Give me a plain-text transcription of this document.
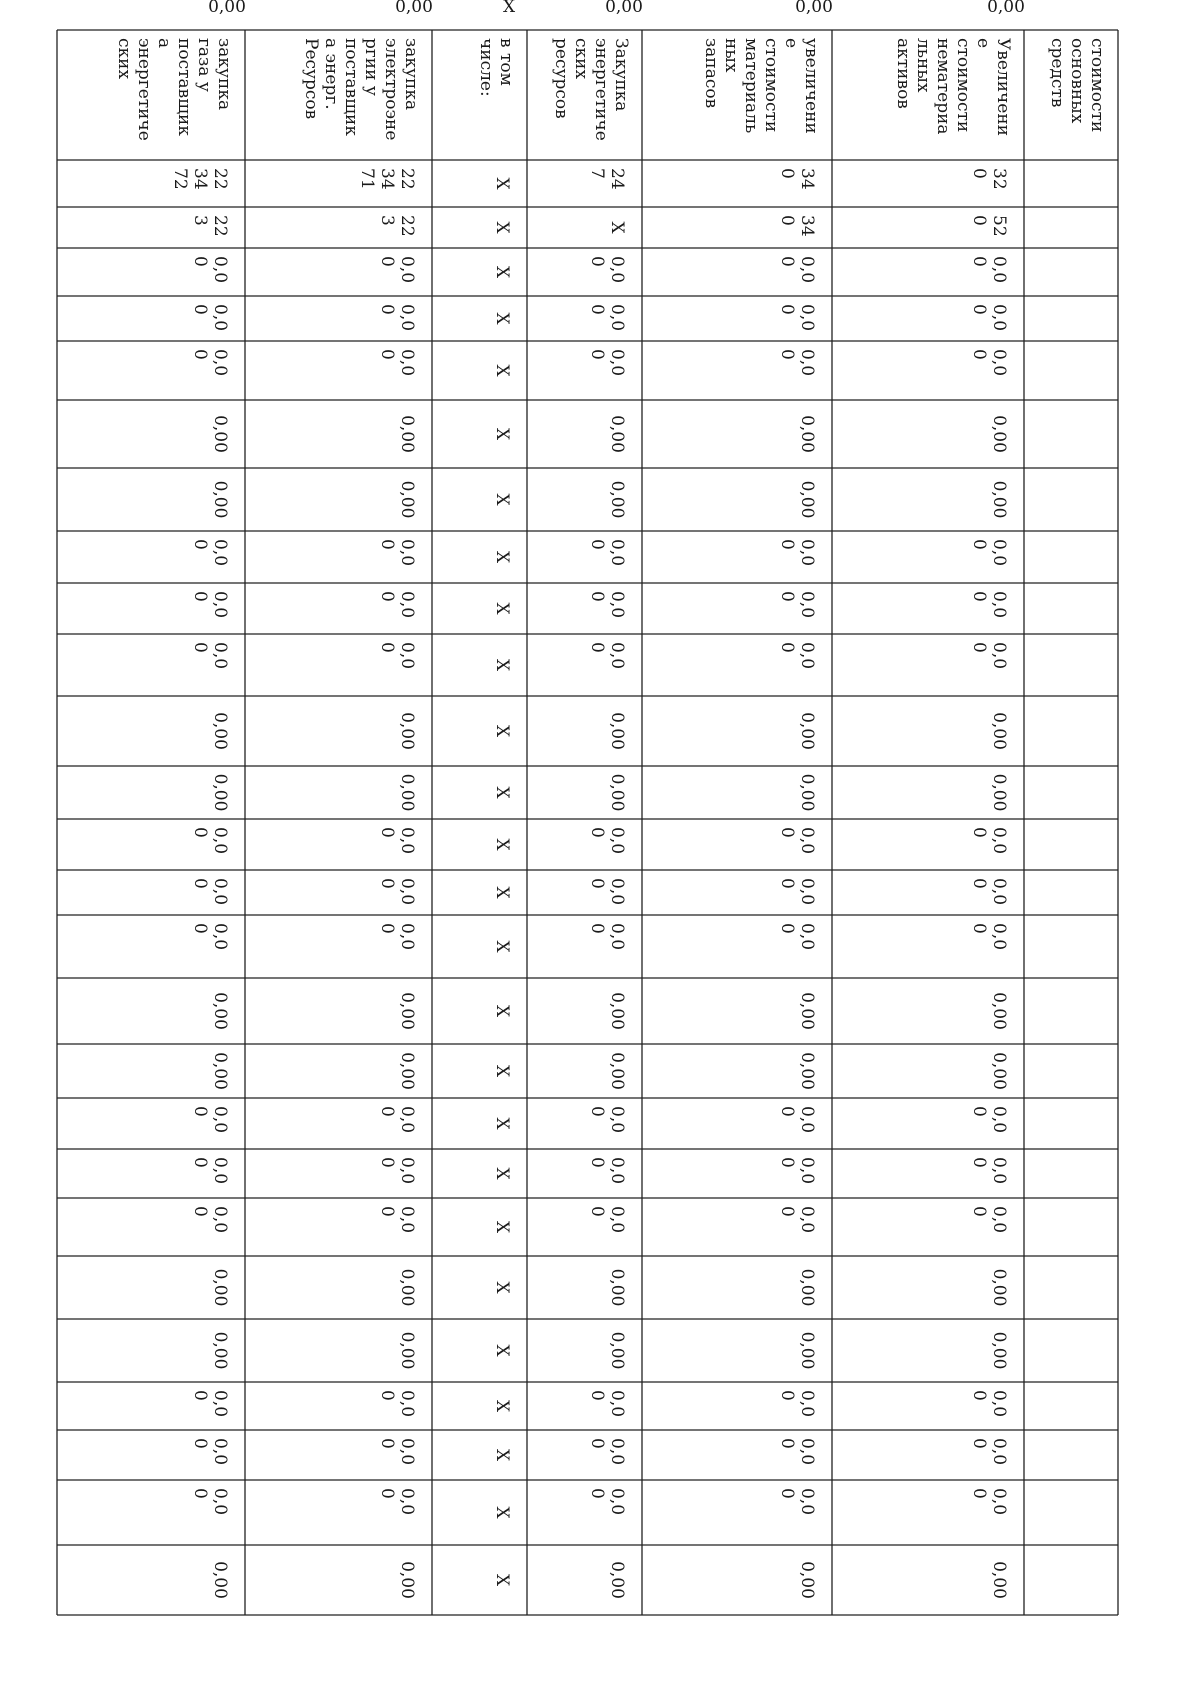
стоимости
основных
средств
Увеличени
е
стоимости
нематериа
льных
активов
32
0
52
0
0,0
0
0,0
0
0,0
0
0,00
0,00
0,0
0
0,0
0
0,0
0
0,00
0,00
0,0
0
0,0
0
0,0
0
0,00
0,00
0,0
0
0,0
0
0,0
0
0,00
0,00
0,0
0
0,0
0
0,0
0
0,00
0,00
увеличени
е
стоимости
материаль
ных
запасов
34
0
34
0
0,0
0
0,0
0
0,0
0
0,00
0,00
0,0
0
0,0
0
0,0
0
0,00
0,00
0,0
0
0,0
0
0,0
0
0,00
0,00
0,0
0
0,0
0
0,0
0
0,00
0,00
0,0
0
0,0
0
0,0
0
0,00
0,00
Закупка
энергетиче
ских
ресурсов
24
7
X
0,0
0
0,0
0
0,0
0
0,00
0,00
0,0
0
0,0
0
0,0
0
0,00
0,00
0,0
0
0,0
0
0,0
0
0,00
0,00
0,0
0
0,0
0
0,0
0
0,00
0,00
0,0
0
0,0
0
0,0
0
0,00
0,00
в том
числе:
X
X
X
X
X
X
X
X
X
X
X
X
X
X
X
X
X
X
X
X
X
X
X
X
X
X
X
закупка
электроэне
ргии у
поставщик
а энерг.
Ресурсов
22
34
71
22
3
0,0
0
0,0
0
0,0
0
0,00
0,00
0,0
0
0,0
0
0,0
0
0,00
0,00
0,0
0
0,0
0
0,0
0
0,00
0,00
0,0
0
0,0
0
0,0
0
0,00
0,00
0,0
0
0,0
0
0,0
0
0,00
0,00
закупка
газа у
поставщик
а
энергетиче
ских
22
34
72
22
3
0,0
0
0,0
0
0,0
0
0,00
0,00
0,0
0
0,0
0
0,0
0
0,00
0,00
0,0
0
0,0
0
0,0
0
0,00
0,00
0,0
0
0,0
0
0,0
0
0,00
0,00
0,0
0
0,0
0
0,0
0
0,00
0,00
